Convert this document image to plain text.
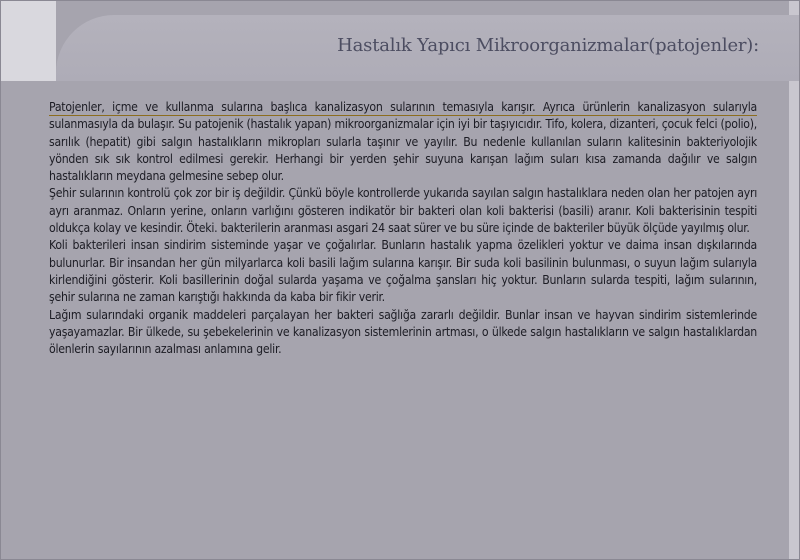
Hastalık Yapıcı Mikroorganizmalar(patojenler):

Patojenler, içme ve kullanma sularına başlıca kanalizasyon sularının temasıyla karışır. Ayrıca ürünlerin kanalizasyon sularıyla sulanmasıyla da bulaşır. Su patojenik (hastalık yapan) mikroorganizmalar için iyi bir taşıyıcıdır. Tifo, kolera, dizanteri, çocuk felci (polio), sarılık (hepatit) gibi salgın hastalıkların mikropları sularla taşınır ve yayılır. Bu nedenle kullanılan suların kalitesinin bakteriyolojik yönden sık sık kontrol edilmesi gerekir. Herhangi bir yerden şehir suyuna karışan lağım suları kısa zamanda dağılır ve salgın hastalıkların meydana gelmesine sebep olur.

Şehir sularının kontrolü çok zor bir iş değildir. Çünkü böyle kontrollerde yukarıda sayılan salgın hastalıklara neden olan her patojen ayrı ayrı aranmaz. Onların yerine, onların varlığını gösteren indikatör bir bakteri olan koli bakterisi (basili) aranır. Koli bakterisinin tespiti oldukça kolay ve kesindir. Öteki. bakterilerin aranması asgari 24 saat sürer ve bu süre içinde de bakteriler büyük ölçüde yayılmış olur.

Koli bakterileri insan sindirim sisteminde yaşar ve çoğalırlar. Bunların hastalık yapma özelikleri yoktur ve daima insan dışkılarında bulunurlar. Bir insandan her gün milyarlarca koli basili lağım sularına karışır. Bir suda koli basilinin bulunması, o suyun lağım sularıyla kirlendiğini gösterir. Koli basillerinin doğal sularda yaşama ve çoğalma şansları hiç yoktur. Bunların sularda tespiti, lağım sularının, şehir sularına ne zaman karıştığı hakkında da kaba bir fikir verir.

Lağım sularındaki organik maddeleri parçalayan her bakteri sağlığa zararlı değildir. Bunlar insan ve hayvan sindirim sistemlerinde yaşayamazlar. Bir ülkede, su şebekelerinin ve kanalizasyon sistemlerinin artması, o ülkede salgın hastalıkların ve salgın hastalıklardan ölenlerin sayılarının azalması anlamına gelir.
